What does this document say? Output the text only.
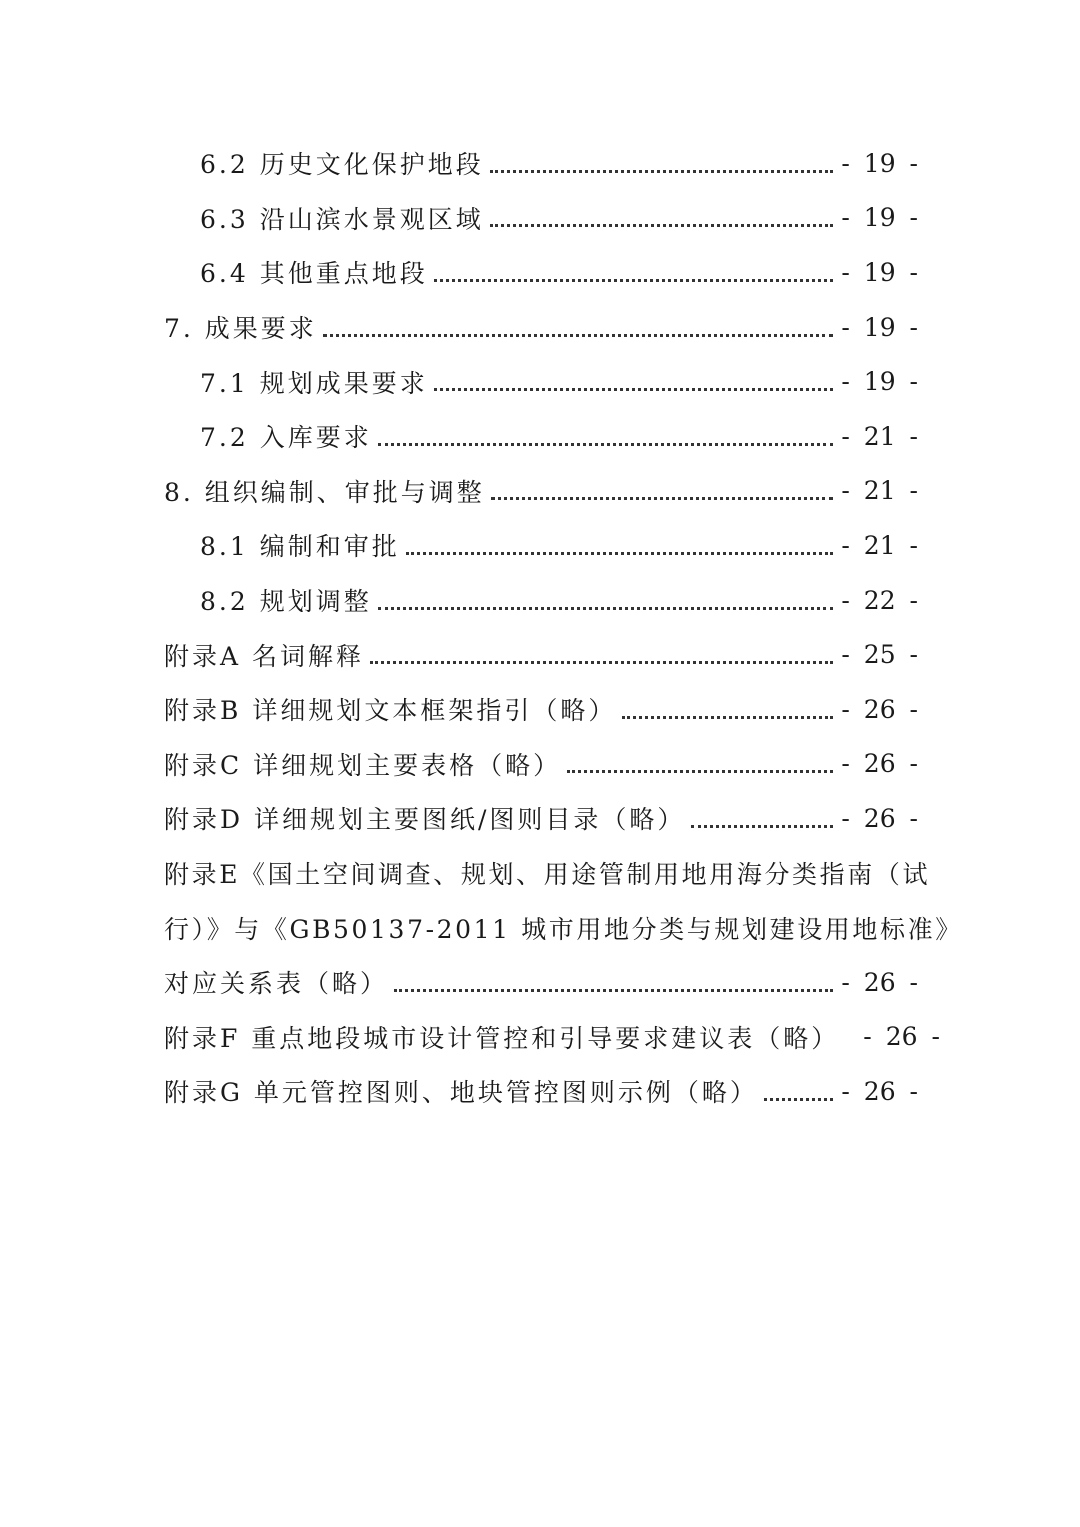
6.2 历史文化保护地段	- 19 -
6.3 沿山滨水景观区域	- 19 -
6.4 其他重点地段	- 19 -
7. 成果要求	- 19 -
7.1 规划成果要求	- 19 -
7.2 入库要求	- 21 -
8. 组织编制、审批与调整	- 21 -
8.1 编制和审批	- 21 -
8.2 规划调整	- 22 -
附录A 名词解释	- 25 -
附录B 详细规划文本框架指引（略）	- 26 -
附录C 详细规划主要表格（略）	- 26 -
附录D 详细规划主要图纸/图则目录（略）	- 26 -
附录E《国土空间调查、规划、用途管制用地用海分类指南（试
行）》与《GB50137-2011 城市用地分类与规划建设用地标准》
对应关系表（略）	- 26 -
附录F 重点地段城市设计管控和引导要求建议表（略） - 26 -
附录G 单元管控图则、地块管控图则示例（略）	- 26 -
